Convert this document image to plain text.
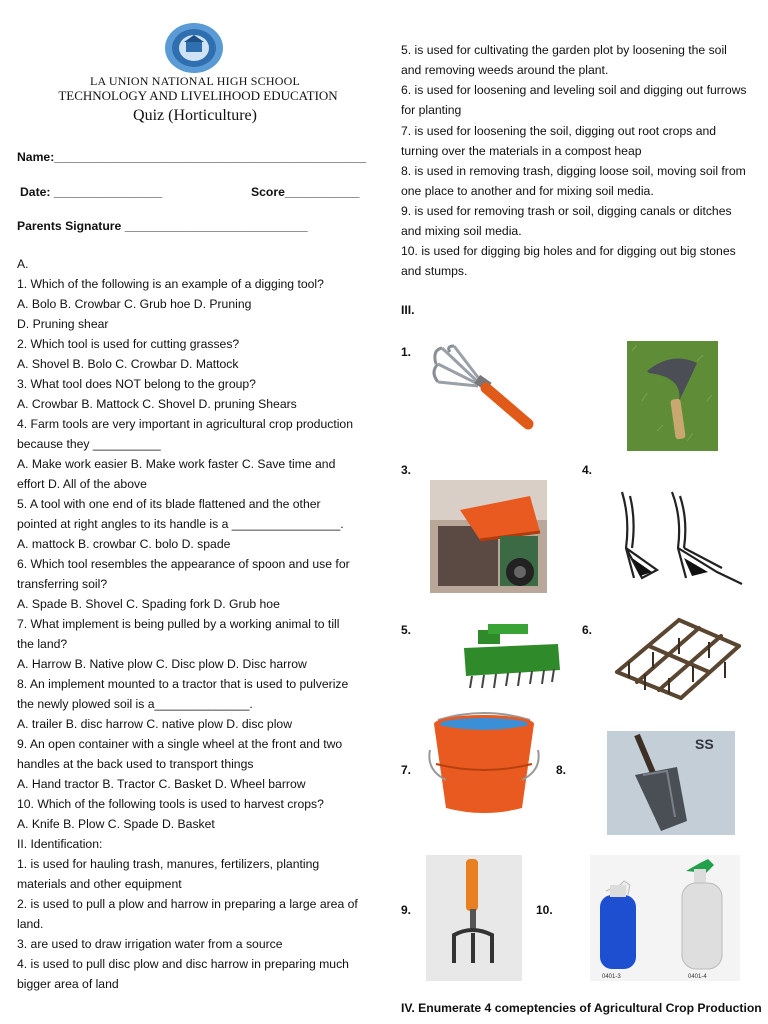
LA UNION NATIONAL HIGH SCHOOL
TECHNOLOGY AND LIVELIHOOD EDUCATION
Quiz (Horticulture)
Name:______________________________________________
Date: ________________	Score___________
Parents Signature ___________________________
A.
1. Which of the following is an example of a digging tool?
A. Bolo B. Crowbar C. Grub hoe D. Pruning
D. Pruning shear
2. Which tool is used for cutting grasses?
A. Shovel B. Bolo C. Crowbar D. Mattock
3. What tool does NOT belong to the group?
A. Crowbar B. Mattock C. Shovel D. pruning Shears
4. Farm tools are very important in agricultural crop production
because they __________
A. Make work easier B. Make work faster C. Save time and
effort D. All of the above
5. A tool with one end of its blade flattened and the other
pointed at right angles to its handle is a ________________.
A. mattock B. crowbar C. bolo D. spade
6. Which tool resembles the appearance of spoon and use for
transferring soil?
A. Spade B. Shovel C. Spading fork D. Grub hoe
7. What implement is being pulled by a working animal to till
the land?
A. Harrow B. Native plow C. Disc plow D. Disc harrow
8. An implement mounted to a tractor that is used to pulverize
the newly plowed soil is a______________.
A. trailer B. disc harrow C. native plow D. disc plow
9. An open container with a single wheel at the front and two
handles at the back used to transport things
A. Hand tractor B. Tractor C. Basket D. Wheel barrow
10. Which of the following tools is used to harvest crops?
A. Knife B. Plow C. Spade D. Basket
II. Identification:
1. is used for hauling trash, manures, fertilizers, planting
materials and other equipment
2. is used to pull a plow and harrow in preparing a large area of
land.
3. are used to draw irrigation water from a source
4. is used to pull disc plow and disc harrow in preparing much
bigger area of land
5. is used for cultivating the garden plot by loosening the soil
and removing weeds around the plant.
6. is used for loosening and leveling soil and digging out furrows
for planting
7. is used for loosening the soil, digging out root crops and
turning over the materials in a compost heap
8. is used in removing trash, digging loose soil, moving soil from
one place to another and for mixing soil media.
9. is used for removing trash or soil, digging canals or ditches
and mixing soil media.
10. is used for digging big holes and for digging out big stones
and stumps.
III.
1.
3.	4.
5.	6.
7.	8.
9.	10.
SS
0401-3	0401-4
IV. Enumerate 4 comeptencies of Agricultural Crop Production
